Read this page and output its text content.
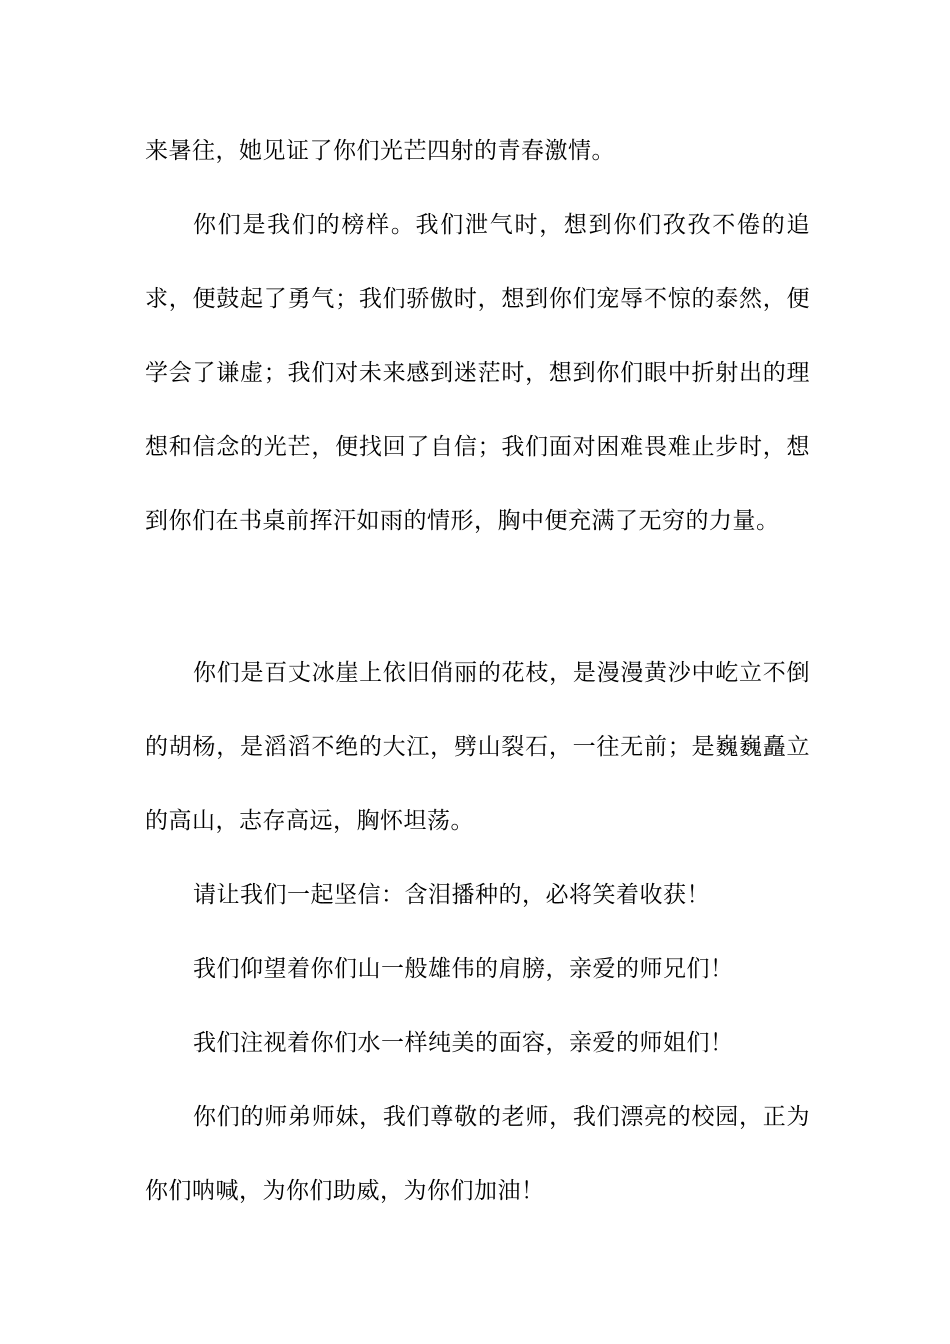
来暑往，她见证了你们光芒四射的青春激情。

你们是我们的榜样。我们泄气时，想到你们孜孜不倦的追求，便鼓起了勇气；我们骄傲时，想到你们宠辱不惊的泰然，便学会了谦虚；我们对未来感到迷茫时，想到你们眼中折射出的理想和信念的光芒，便找回了自信；我们面对困难畏难止步时，想到你们在书桌前挥汗如雨的情形，胸中便充满了无穷的力量。

你们是百丈冰崖上依旧俏丽的花枝，是漫漫黄沙中屹立不倒的胡杨，是滔滔不绝的大江，劈山裂石，一往无前；是巍巍矗立的高山，志存高远，胸怀坦荡。

请让我们一起坚信：含泪播种的，必将笑着收获！

我们仰望着你们山一般雄伟的肩膀，亲爱的师兄们！

我们注视着你们水一样纯美的面容，亲爱的师姐们！

你们的师弟师妹，我们尊敬的老师，我们漂亮的校园，正为你们呐喊，为你们助威，为你们加油！
